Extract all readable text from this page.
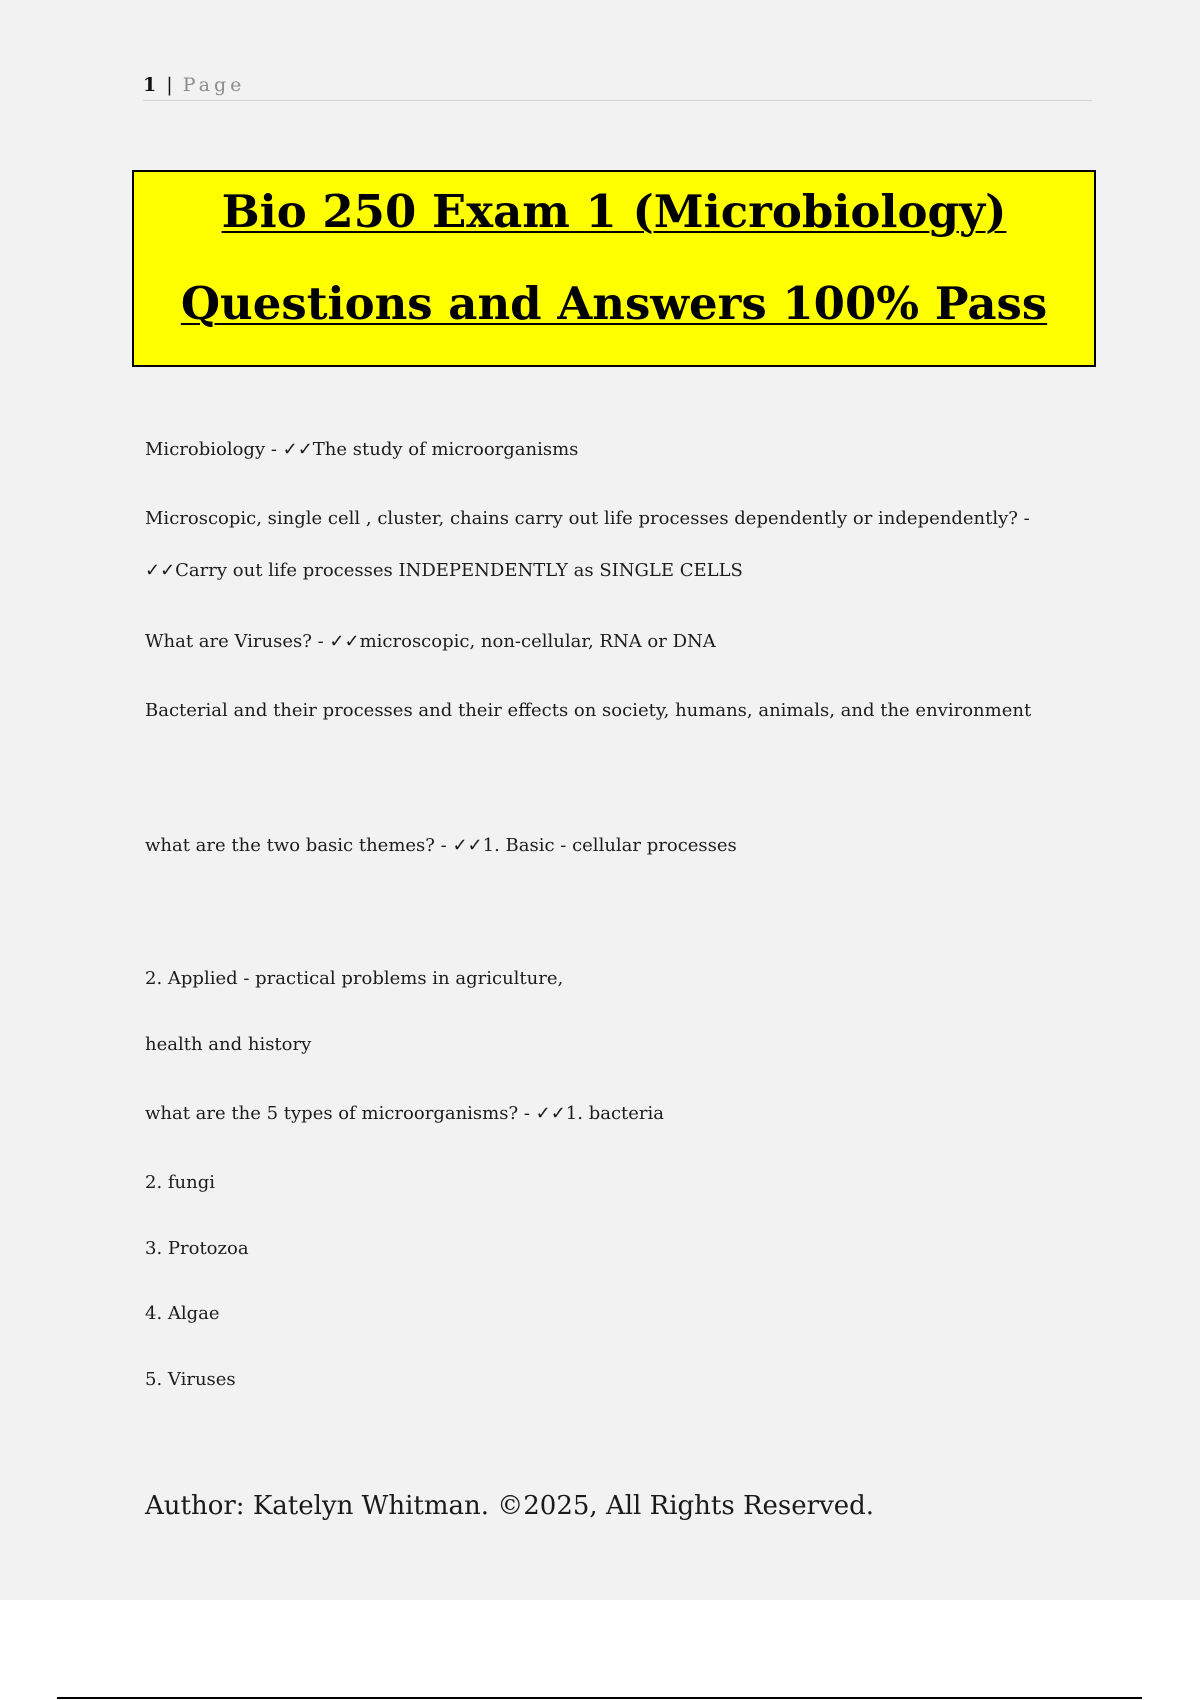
1 | Page
Bio 250 Exam 1 (Microbiology)
Questions and Answers 100% Pass
Microbiology - ✓✓The study of microorganisms
Microscopic, single cell , cluster, chains carry out life processes dependently or independently? -
✓✓Carry out life processes INDEPENDENTLY as SINGLE CELLS
What are Viruses? - ✓✓microscopic, non-cellular, RNA or DNA
Bacterial and their processes and their effects on society, humans, animals, and the environment
what are the two basic themes? - ✓✓1. Basic - cellular processes
2. Applied - practical problems in agriculture,
health and history
what are the 5 types of microorganisms? - ✓✓1. bacteria
2. fungi
3. Protozoa
4. Algae
5. Viruses
Author: Katelyn Whitman. ©2025, All Rights Reserved.
